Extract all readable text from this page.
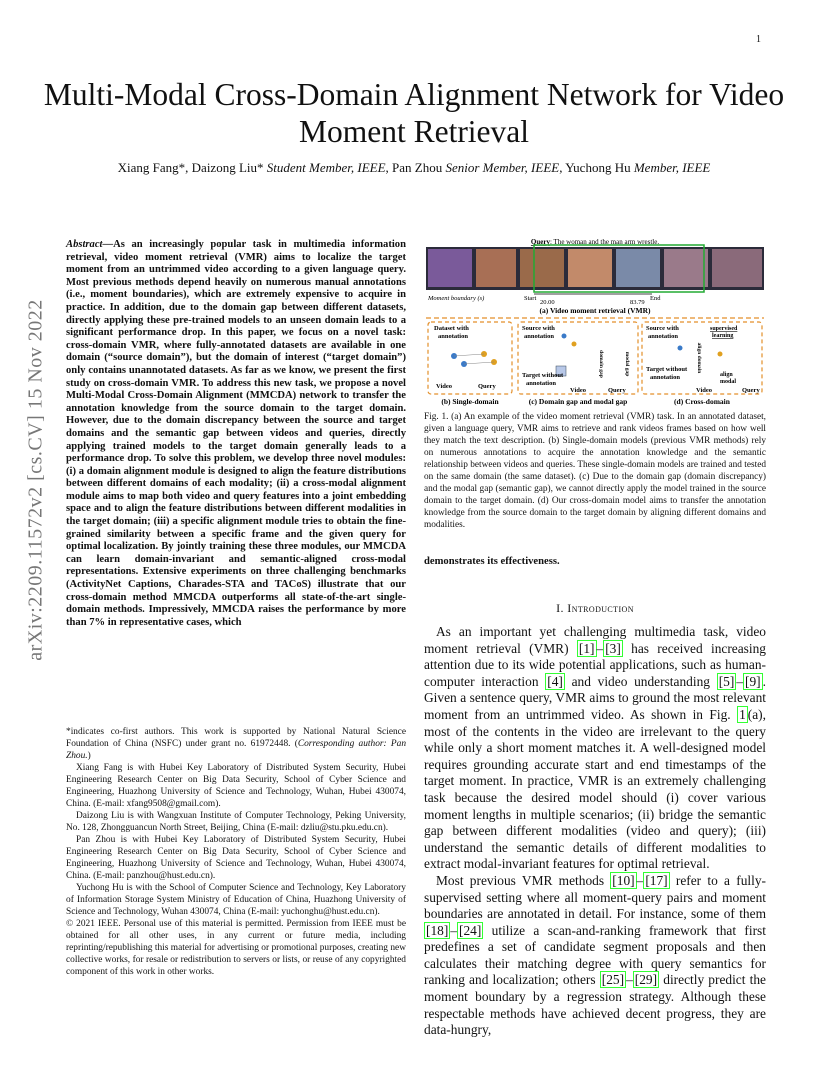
1
arXiv:2209.11572v2 [cs.CV] 15 Nov 2022
Multi-Modal Cross-Domain Alignment Network for Video Moment Retrieval
Xiang Fang*, Daizong Liu* Student Member, IEEE, Pan Zhou Senior Member, IEEE, Yuchong Hu Member, IEEE
Abstract—As an increasingly popular task in multimedia information retrieval, video moment retrieval (VMR) aims to localize the target moment from an untrimmed video according to a given language query. Most previous methods depend heavily on numerous manual annotations (i.e., moment boundaries), which are extremely expensive to acquire in practice. In addition, due to the domain gap between different datasets, directly applying these pre-trained models to an unseen domain leads to a significant performance drop. In this paper, we focus on a novel task: cross-domain VMR, where fully-annotated datasets are available in one domain (“source domain”), but the domain of interest (“target domain”) only contains unannotated datasets. As far as we know, we present the first study on cross-domain VMR. To address this new task, we propose a novel Multi-Modal Cross-Domain Alignment (MMCDA) network to transfer the annotation knowledge from the source domain to the target domain. However, due to the domain discrepancy between the source and target domains and the semantic gap between videos and queries, directly applying trained models to the target domain generally leads to a performance drop. To solve this problem, we develop three novel modules: (i) a domain alignment module is designed to align the feature distributions between different domains of each modality; (ii) a cross-modal alignment module aims to map both video and query features into a joint embedding space and to align the feature distributions between different modalities in the target domain; (iii) a specific alignment module tries to obtain the fine-grained similarity between a specific frame and the given query for optimal localization. By jointly training these three modules, our MMCDA can learn domain-invariant and semantic-aligned cross-modal representations. Extensive experiments on three challenging benchmarks (ActivityNet Captions, Charades-STA and TACoS) illustrate that our cross-domain method MMCDA outperforms all state-of-the-art single-domain methods. Impressively, MMCDA raises the performance by more than 7% in representative cases, which

*indicates co-first authors. This work is supported by National Natural Science Foundation of China (NSFC) under grant no. 61972448. (Corresponding author: Pan Zhou.)

Xiang Fang is with Hubei Key Laboratory of Distributed System Security, Hubei Engineering Research Center on Big Data Security, School of Cyber Science and Engineering, Huazhong University of Science and Technology, Wuhan, Hubei 430074, China. (E-mail: xfang9508@gmail.com).

Daizong Liu is with Wangxuan Institute of Computer Technology, Peking University, No. 128, Zhongguancun North Street, Beijing, China (E-mail: dzliu@stu.pku.edu.cn).

Pan Zhou is with Hubei Key Laboratory of Distributed System Security, Hubei Engineering Research Center on Big Data Security, School of Cyber Science and Engineering, Huazhong University of Science and Technology, Wuhan, Hubei 430074, China. (E-mail: panzhou@hust.edu.cn).

Yuchong Hu is with the School of Computer Science and Technology, Key Laboratory of Information Storage System Ministry of Education of China, Huazhong University of Science and Technology, Wuhan 430074, China (E-mail: yuchonghu@hust.edu.cn).

© 2021 IEEE. Personal use of this material is permitted. Permission from IEEE must be obtained for all other uses, in any current or future media, including reprinting/republishing this material for advertising or promotional purposes, creating new collective works, for resale or redistribution to servers or lists, or reuse of any copyrighted component of this work in other works.

Query: The woman and the man arm wrestle.
Moment boundary (s)	Start
20.00	83.79
End
(a) Video moment retrieval (VMR)
Dataset with
annotation
Video	Query
(b) Single-domain
Source with
annotation
domain gap	modal gap
Target without
annotation
Video	Query
(c) Domain gap and modal gap
Source with
annotation
supervised
learning
align domain
Target without
annotation	align
modal
Video	Query
(d) Cross-domain
Fig. 1. (a) An example of the video moment retrieval (VMR) task. In an annotated dataset, given a language query, VMR aims to retrieve and rank videos frames based on how well they match the text description. (b) Single-domain models (previous VMR methods) rely on numerous annotations to acquire the annotation knowledge and the semantic relationship between videos and queries. These single-domain models are trained and tested on the same domain (the same dataset). (c) Due to the domain gap (domain discrepancy) and the modal gap (semantic gap), we cannot directly apply the model trained in the source domain to the target domain. (d) Our cross-domain model aims to transfer the annotation knowledge from the source domain to the target domain by aligning different domains and modalities.
demonstrates its effectiveness.
I. Introduction

As an important yet challenging multimedia task, video moment retrieval (VMR) [1] – [3] has received increasing attention due to its wide potential applications, such as human-computer interaction [4] and video understanding [5] – [9] . Given a sentence query, VMR aims to ground the most relevant moment from an untrimmed video. As shown in Fig. 1 (a), most of the contents in the video are irrelevant to the query while only a short moment matches it. A well-designed model requires grounding accurate start and end timestamps of the target moment. In practice, VMR is an extremely challenging task because the desired model should (i) cover various moment lengths in multiple scenarios; (ii) bridge the semantic gap between different modalities (video and query); (iii) understand the semantic details of different modalities to extract modal-invariant features for optimal retrieval.

Most previous VMR methods [10] – [17] refer to a fully-supervised setting where all moment-query pairs and moment boundaries are annotated in detail. For instance, some of them [18] – [24] utilize a scan-and-ranking framework that first predefines a set of candidate segment proposals and then calculates their matching degree with query semantics for ranking and localization; others [25] – [29] directly predict the moment boundary by a regression strategy. Although these respectable methods have achieved decent progress, they are data-hungry,
